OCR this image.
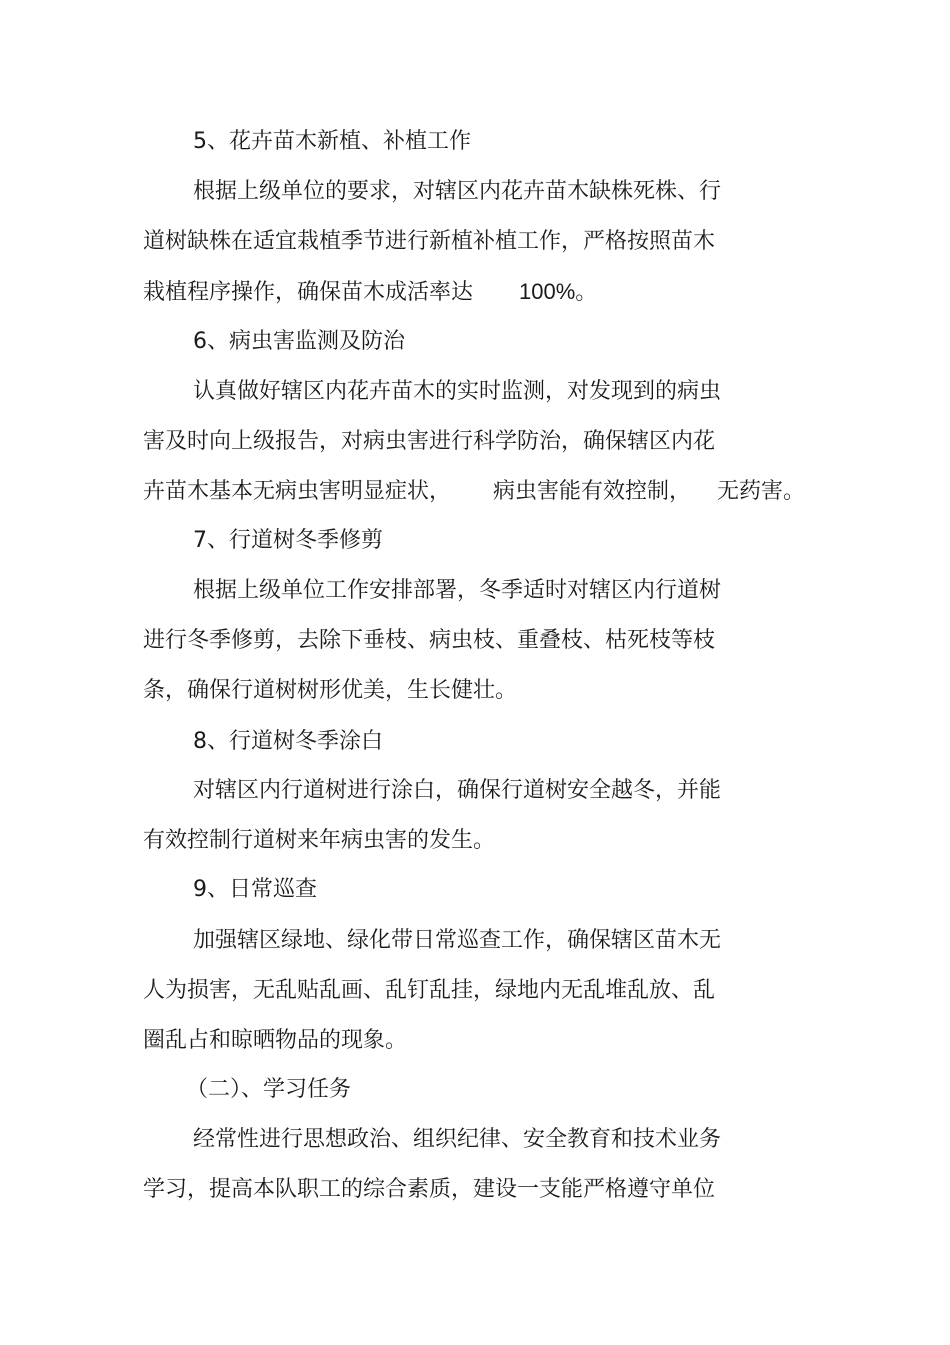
5、花卉苗木新植、补植工作

根据上级单位的要求，对辖区内花卉苗木缺株死株、行

道树缺株在适宜栽植季节进行新植补植工作，严格按照苗木

栽植程序操作，确保苗木成活率达 100%。

6、病虫害监测及防治

认真做好辖区内花卉苗木的实时监测，对发现到的病虫

害及时向上级报告，对病虫害进行科学防治，确保辖区内花

卉苗木基本无病虫害明显症状， 病虫害能有效控制， 无药害。

7、行道树冬季修剪

根据上级单位工作安排部署，冬季适时对辖区内行道树

进行冬季修剪，去除下垂枝、病虫枝、重叠枝、枯死枝等枝

条，确保行道树树形优美，生长健壮。

8、行道树冬季涂白

对辖区内行道树进行涂白，确保行道树安全越冬，并能

有效控制行道树来年病虫害的发生。

9、日常巡查

加强辖区绿地、绿化带日常巡查工作，确保辖区苗木无

人为损害，无乱贴乱画、乱钉乱挂，绿地内无乱堆乱放、乱

圈乱占和晾晒物品的现象。

（二）、学习任务

经常性进行思想政治、组织纪律、安全教育和技术业务

学习，提高本队职工的综合素质，建设一支能严格遵守单位
